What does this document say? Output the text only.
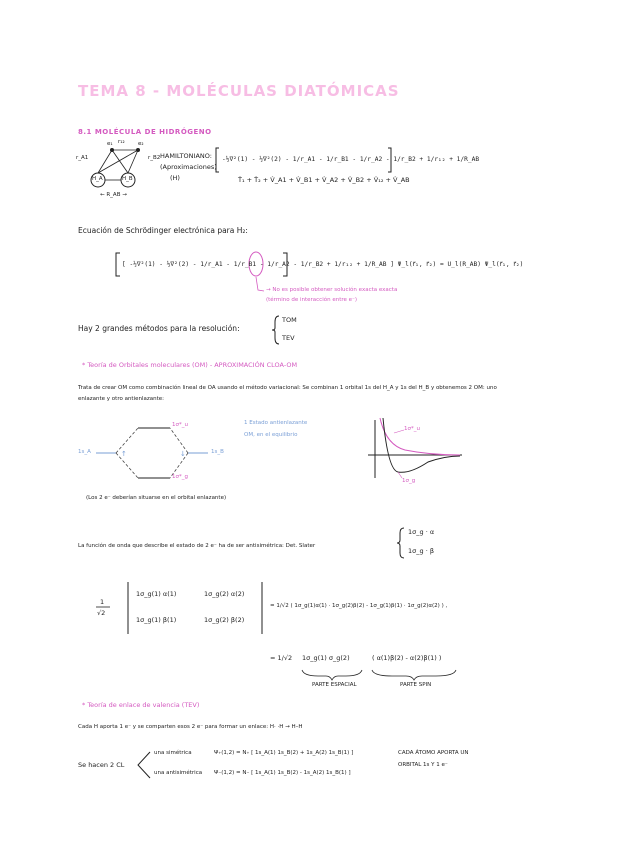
TEMA 8 - MOLÉCULAS DIATÓMICAS
8.1 MOLÉCULA DE HIDRÓGENO
e₁ r₁₂ e₂
r_A1	r_B2
H_A	H_B
← R_AB →
HAMILTONIANO:
(Aproximaciones)
(H)
-½∇²(1) - ½∇²(2) - 1/r_A1 - 1/r_B1 - 1/r_A2 - 1/r_B2 + 1/r₁₂ + 1/R_AB
T̂₁ + T̂₂ + V̂_A1 + V̂_B1 + V̂_A2 + V̂_B2 + V̂₁₂ + V̂_AB
Ecuación de Schrödinger electrónica para H₂:
[ -½∇²(1) - ½∇²(2) - 1/r_A1 - 1/r_B1 - 1/r_A2 - 1/r_B2 + 1/r₁₂ + 1/R_AB ] Ψ_l(r⃗₁, r⃗₂) = U_l(R_AB) Ψ_l(r⃗₁, r⃗₂)
→ No es posible obtener solución exacta exacta
(término de interacción entre e⁻)
Hay 2 grandes métodos para la resolución:
TOM
TEV
* Teoría de Orbitales moleculares (OM) - APROXIMACIÓN CLOA-OM
Trata de crear OM como combinación lineal de OA usando el método variacional: Se combinan 1 orbital 1s del H_A y 1s del H_B y obtenemos 2 OM: uno
enlazante y otro antienlazante:
↑	↓
1σ*_u
1σ*_g
1s_A	1s_B
1 Estado antienlazante
OM, en el equilibrio
1σ*_u
1σ_g
(Los 2 e⁻ deberían situarse en el orbital enlazante)
La función de onda que describe el estado de 2 e⁻ ha de ser antisimétrica: Det. Slater
1σ_g · α
1σ_g · β
1
√2
1σ_g(1) α(1)	1σ_g(2) α(2)
1σ_g(1) β(1)	1σ_g(2) β(2)
= 1/√2 ( 1σ_g(1)α(1) · 1σ_g(2)β(2) - 1σ_g(1)β(1) · 1σ_g(2)α(2) ) ,
= 1/√2 1σ_g(1) σ_g(2)	( α(1)β(2) - α(2)β(1) )
PARTE ESPACIAL	PARTE SPIN
* Teoría de enlace de valencia (TEV)
Cada H aporta 1 e⁻ y se comparten esos 2 e⁻ para formar un enlace: H· ·H → H–H
Se hacen 2 CL
una simétrica	Ψ₊(1,2) = N₊ [ 1s_A(1) 1s_B(2) + 1s_A(2) 1s_B(1) ]
una antisimétrica Ψ₋(1,2) = N₋ [ 1s_A(1) 1s_B(2) - 1s_A(2) 1s_B(1) ]
CADA ÁTOMO APORTA UN
ORBITAL 1s Y 1 e⁻
